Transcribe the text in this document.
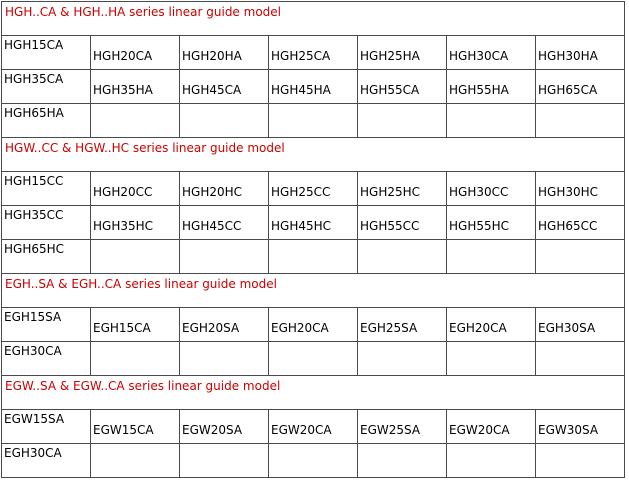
HGH..CA & HGH..HA series linear guide model						
HGH15CA	HGH20CA	HGH20HA	HGH25CA	HGH25HA	HGH30CA	HGH30HA
HGH35CA	HGH35HA	HGH45CA	HGH45HA	HGH55CA	HGH55HA	HGH65CA
HGH65HA						
HGW..CC & HGW..HC series linear guide model						
HGH15CC	HGH20CC	HGH20HC	HGH25CC	HGH25HC	HGH30CC	HGH30HC
HGH35CC	HGH35HC	HGH45CC	HGH45HC	HGH55CC	HGH55HC	HGH65CC
HGH65HC						
EGH..SA & EGH..CA series linear guide model						
EGH15SA	EGH15CA	EGH20SA	EGH20CA	EGH25SA	EGH20CA	EGH30SA
EGH30CA						
EGW..SA & EGW..CA series linear guide model						
EGW15SA	EGW15CA	EGW20SA	EGW20CA	EGW25SA	EGW20CA	EGW30SA
EGH30CA						
